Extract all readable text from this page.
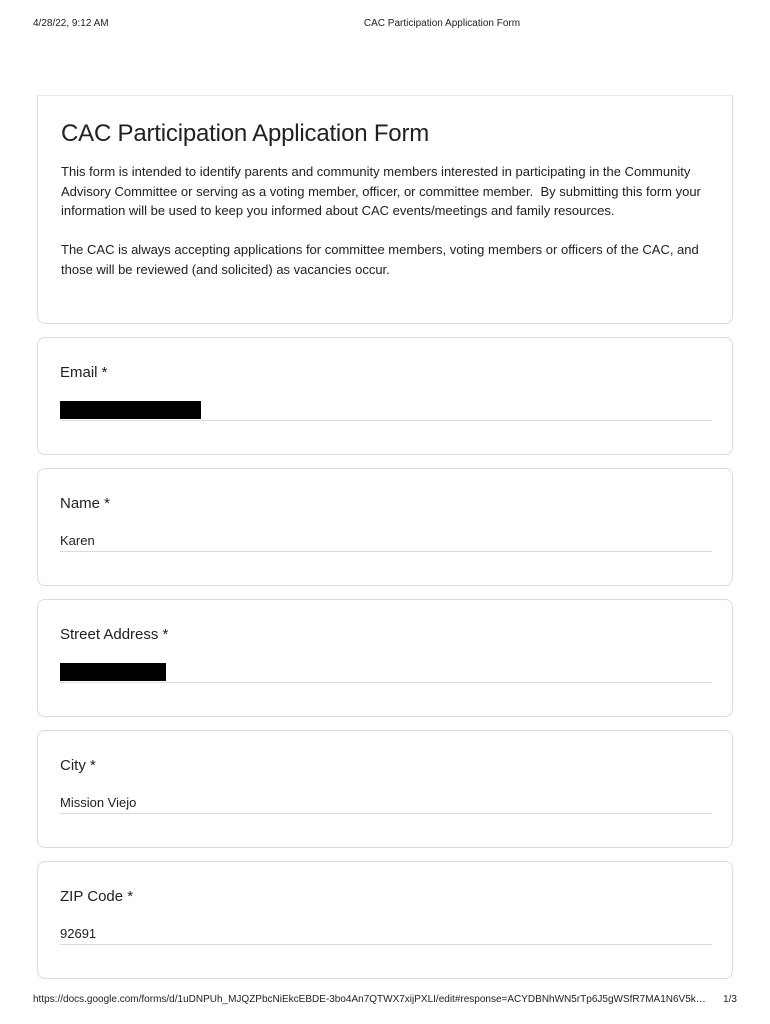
4/28/22, 9:12 AM	CAC Participation Application Form
CAC Participation Application Form
This form is intended to identify parents and community members interested in participating in the Community Advisory Committee or serving as a voting member, officer, or committee member.  By submitting this form your information will be used to keep you informed about CAC events/meetings and family resources.

The CAC is always accepting applications for committee members, voting members or officers of the CAC, and those will be reviewed (and solicited) as vacancies occur.
Email *
Name *
Karen
Street Address *
City *
Mission Viejo
ZIP Code *
92691
https://docs.google.com/forms/d/1uDNPUh_MJQZPbcNiEkcEBDE-3bo4An7QTWX7xijPXLI/edit#response=ACYDBNhWN5rTp6J5gWSfR7MA1N6V5k…	1/3
